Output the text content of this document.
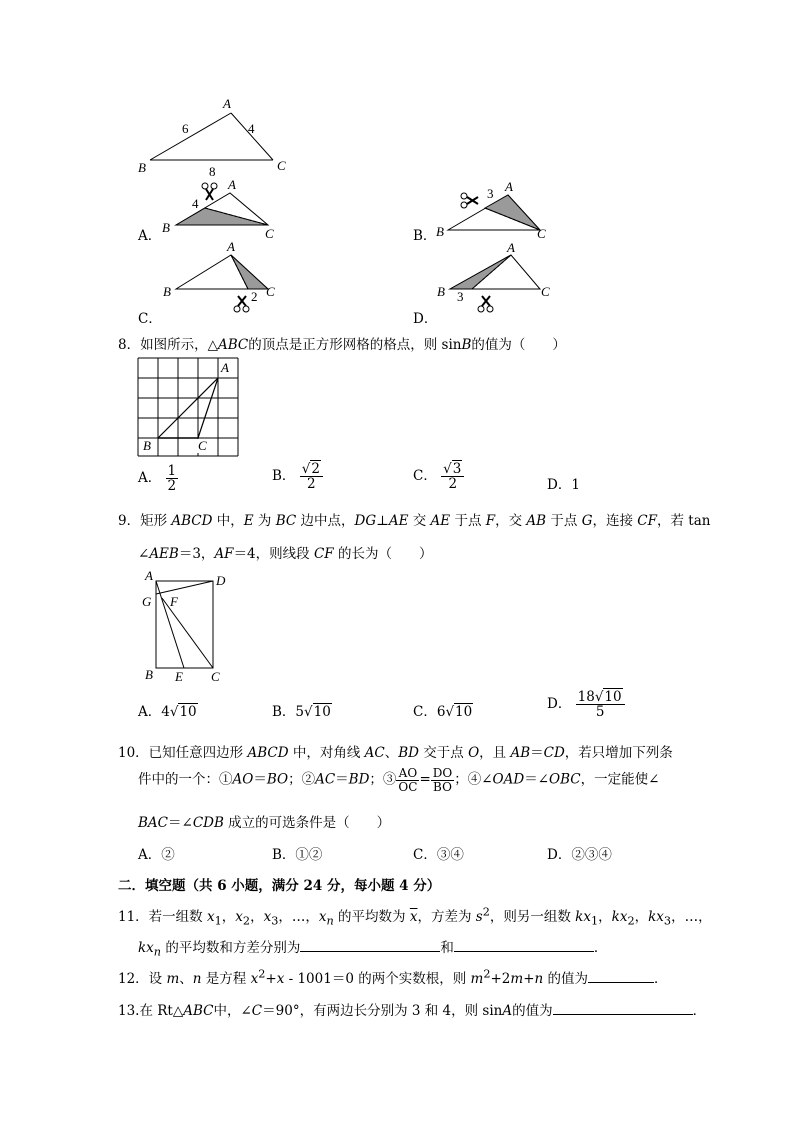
A
B	C
6	4
8
A
B	C
4
A
B	C
3
A
B	C
2
A
B	C
3
A
B	C
A	D
G F
B E C
A．	B．
C．	D．
8．如图所示，△ABC的顶点是正方形网格的格点，则 sinB的值为（　　）
A． $\frac{1}{2}$	B． $\frac{√2}{2}$	C． $\frac{√3}{2}$	D．1
9．矩形 ABCD 中，E 为 BC 边中点，DG⊥AE 交 AE 于点 F，交 AB 于点 G，连接 CF，若 tan
∠AEB＝3，AF＝4，则线段 CF 的长为（　　）
A．4√10	B．5√10	C．6√10	D． $\frac{18√10}{5}$
10．已知任意四边形 ABCD 中，对角线 AC、BD 交于点 O，且 AB＝CD，若只增加下列条
件中的一个：①AO＝BO；②AC＝BD；③ $\frac{AO}{OC} = \frac{DO}{BO}$ ；④∠OAD＝∠OBC，一定能使∠
BAC＝∠CDB 成立的可选条件是（　　）
A．②	B．①②	C．③④	D．②③④
二．填空题（共 6 小题，满分 24 分，每小题 4 分）
11．若一组数 $x_1$，$x_2$，$x_3$，…，$x_n$ 的平均数为 $\overline{x}$，方差为 $s^2$，则另一组数 $kx_1$，$kx_2$，$kx_3$，…，
$kx_n$ 的平均数和方差分别为	和	．
12．设 m、n 是方程 $x^2+x - 1001=0$ 的两个实数根，则 $m^2+2m+n$ 的值为	．
13.在 Rt△ABC中，∠C＝90°，有两边长分别为 3 和 4，则 sinA的值为	．
